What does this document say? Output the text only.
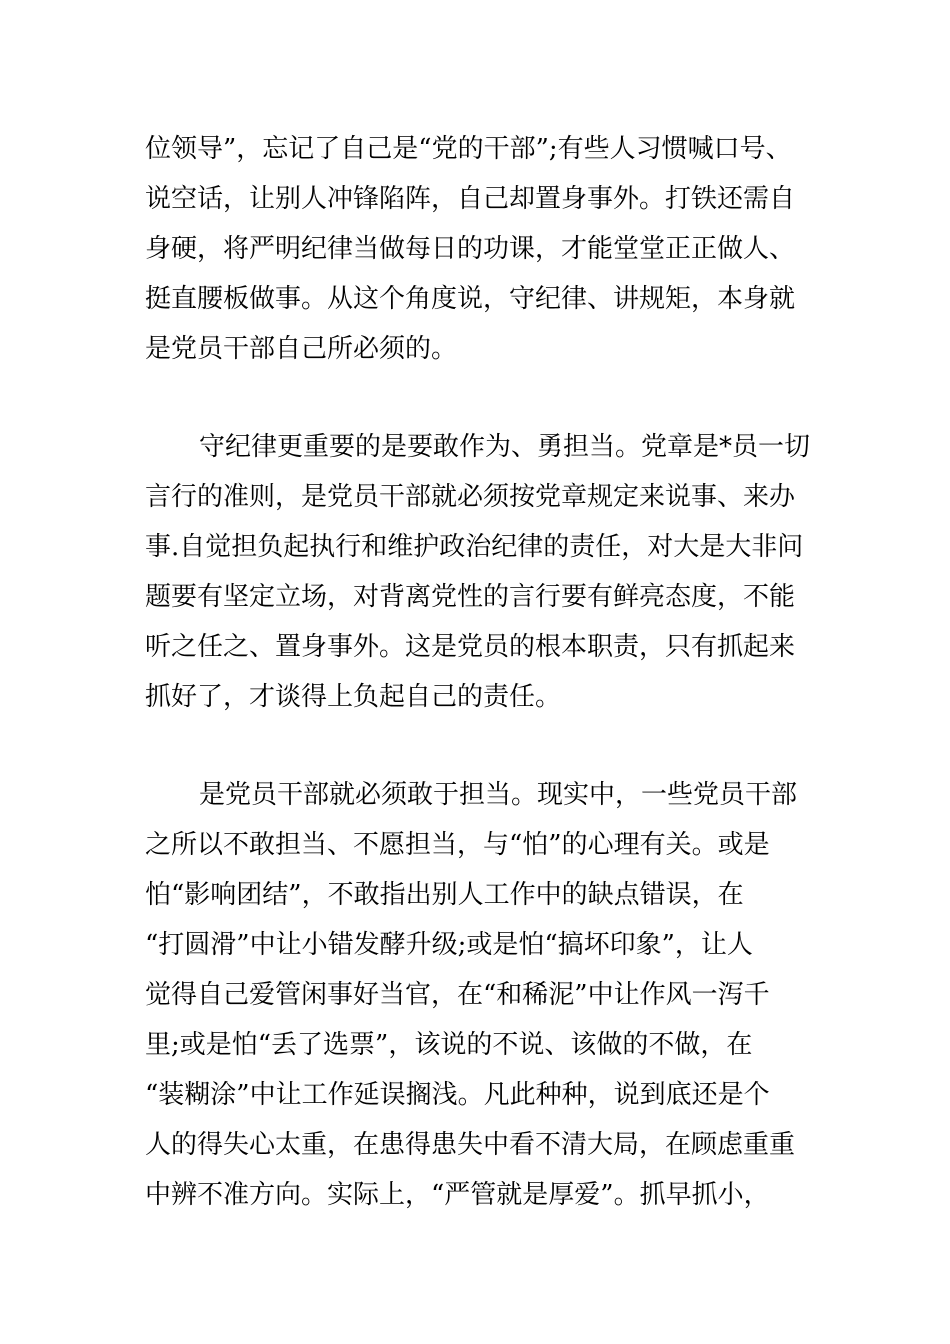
位领导”，忘记了自己是“党的干部”;有些人习惯喊口号、
说空话，让别人冲锋陷阵，自己却置身事外。打铁还需自
身硬，将严明纪律当做每日的功课，才能堂堂正正做人、
挺直腰板做事。从这个角度说，守纪律、讲规矩，本身就
是党员干部自己所必须的。
守纪律更重要的是要敢作为、勇担当。党章是*员一切
言行的准则，是党员干部就必须按党章规定来说事、来办
事.自觉担负起执行和维护政治纪律的责任，对大是大非问
题要有坚定立场，对背离党性的言行要有鲜亮态度，不能
听之任之、置身事外。这是党员的根本职责，只有抓起来
抓好了，才谈得上负起自己的责任。
是党员干部就必须敢于担当。现实中，一些党员干部
之所以不敢担当、不愿担当，与“怕”的心理有关。或是
怕“影响团结”，不敢指出别人工作中的缺点错误，在
“打圆滑”中让小错发酵升级;或是怕“搞坏印象”，让人
觉得自己爱管闲事好当官，在“和稀泥”中让作风一泻千
里;或是怕“丢了选票”，该说的不说、该做的不做，在
“装糊涂”中让工作延误搁浅。凡此种种，说到底还是个
人的得失心太重，在患得患失中看不清大局，在顾虑重重
中辨不准方向。实际上，“严管就是厚爱”。抓早抓小，
